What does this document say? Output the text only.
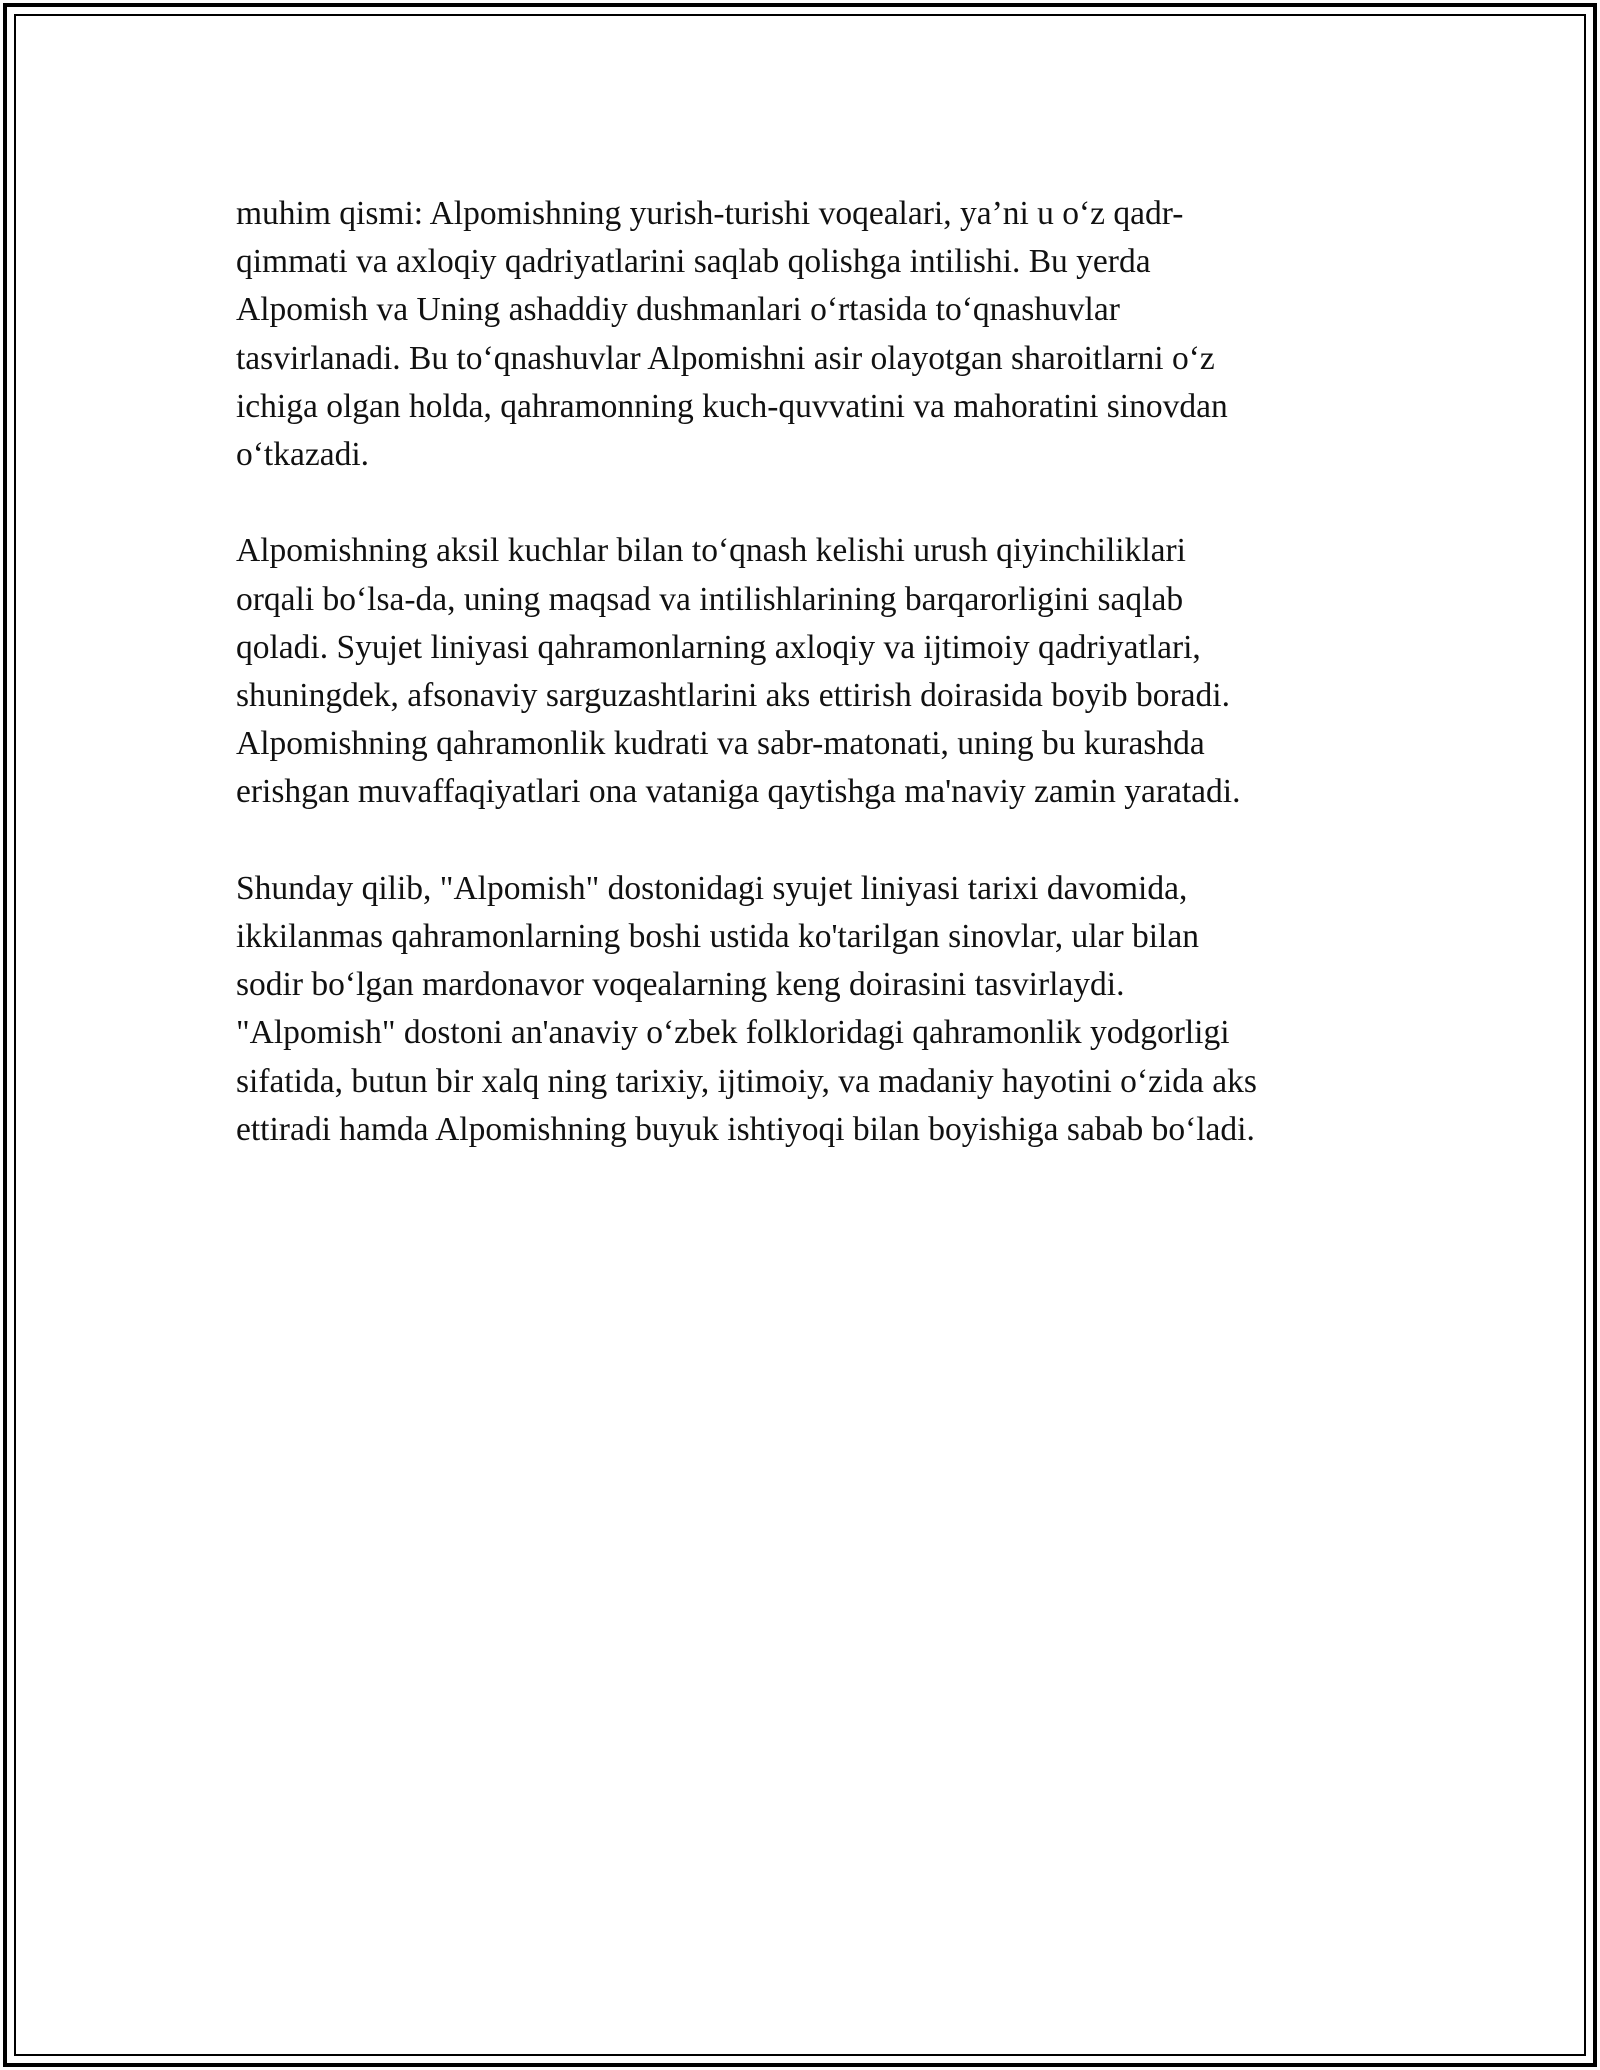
muhim qismi: Alpomishning yurish-turishi voqealari, ya’ni u o‘z qadr-
qimmati va axloqiy qadriyatlarini saqlab qolishga intilishi. Bu yerda
Alpomish va Uning ashaddiy dushmanlari o‘rtasida to‘qnashuvlar
tasvirlanadi. Bu to‘qnashuvlar Alpomishni asir olayotgan sharoitlarni o‘z
ichiga olgan holda, qahramonning kuch-quvvatini va mahoratini sinovdan
o‘tkazadi.

Alpomishning aksil kuchlar bilan to‘qnash kelishi urush qiyinchiliklari
orqali bo‘lsa-da, uning maqsad va intilishlarining barqarorligini saqlab
qoladi. Syujet liniyasi qahramonlarning axloqiy va ijtimoiy qadriyatlari,
shuningdek, afsonaviy sarguzashtlarini aks ettirish doirasida boyib boradi.
Alpomishning qahramonlik kudrati va sabr-matonati, uning bu kurashda
erishgan muvaffaqiyatlari ona vataniga qaytishga ma'naviy zamin yaratadi.

Shunday qilib, "Alpomish" dostonidagi syujet liniyasi tarixi davomida,
ikkilanmas qahramonlarning boshi ustida ko'tarilgan sinovlar, ular bilan
sodir bo‘lgan mardonavor voqealarning keng doirasini tasvirlaydi.
"Alpomish" dostoni an'anaviy o‘zbek folkloridagi qahramonlik yodgorligi
sifatida, butun bir xalq ning tarixiy, ijtimoiy, va madaniy hayotini o‘zida aks
ettiradi hamda Alpomishning buyuk ishtiyoqi bilan boyishiga sabab bo‘ladi.
